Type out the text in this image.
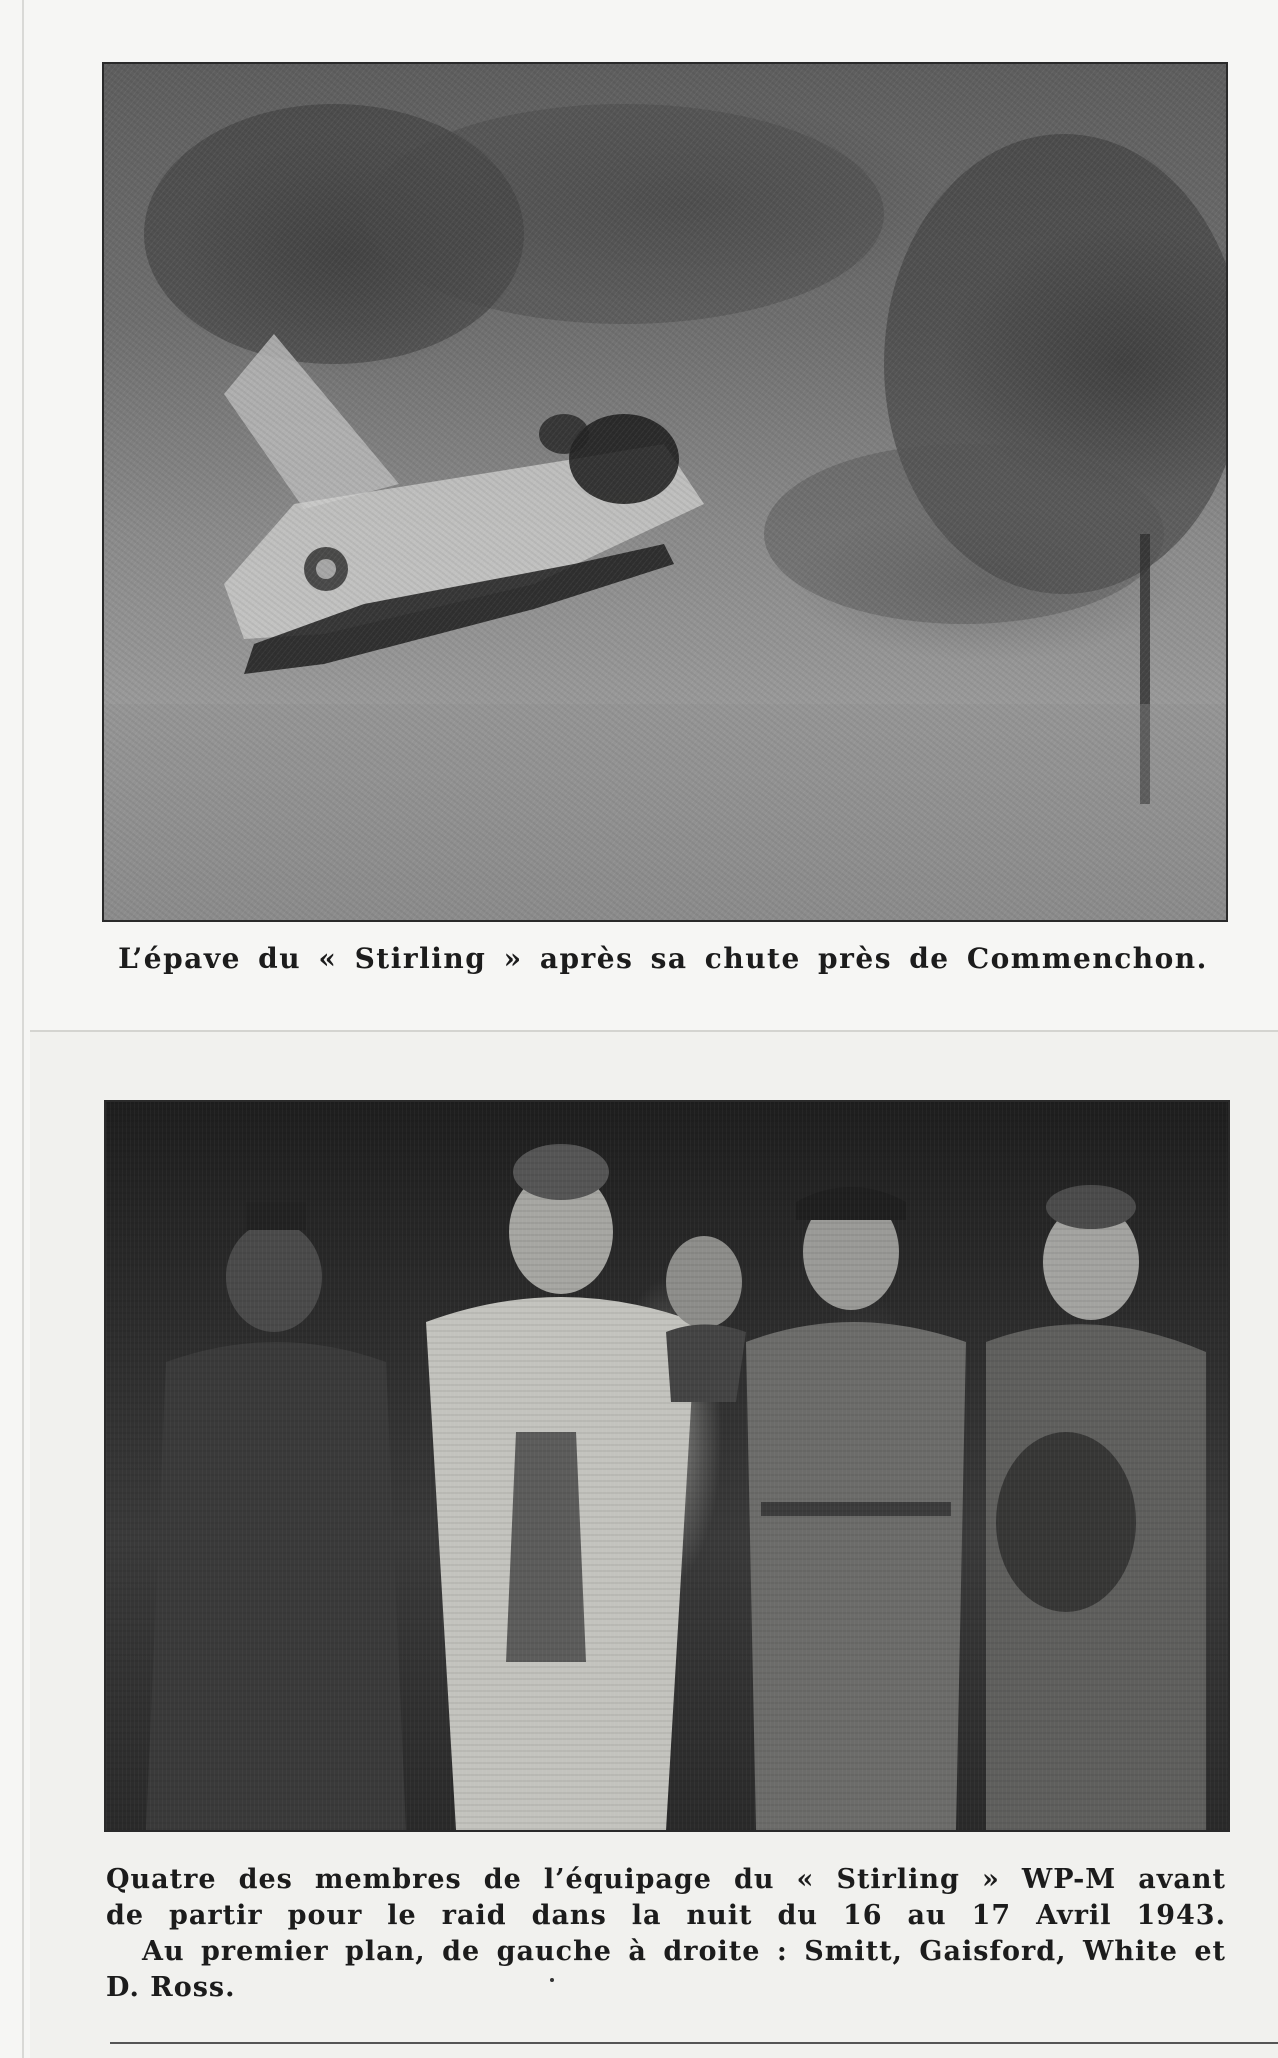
L’épave du « Stirling » après sa chute près de Commenchon.
Quatre des membres de l’équipage du « Stirling » WP-M avant
de partir pour le raid dans la nuit du 16 au 17 Avril 1943.
Au premier plan, de gauche à droite : Smitt, Gaisford, White et
D. Ross.
